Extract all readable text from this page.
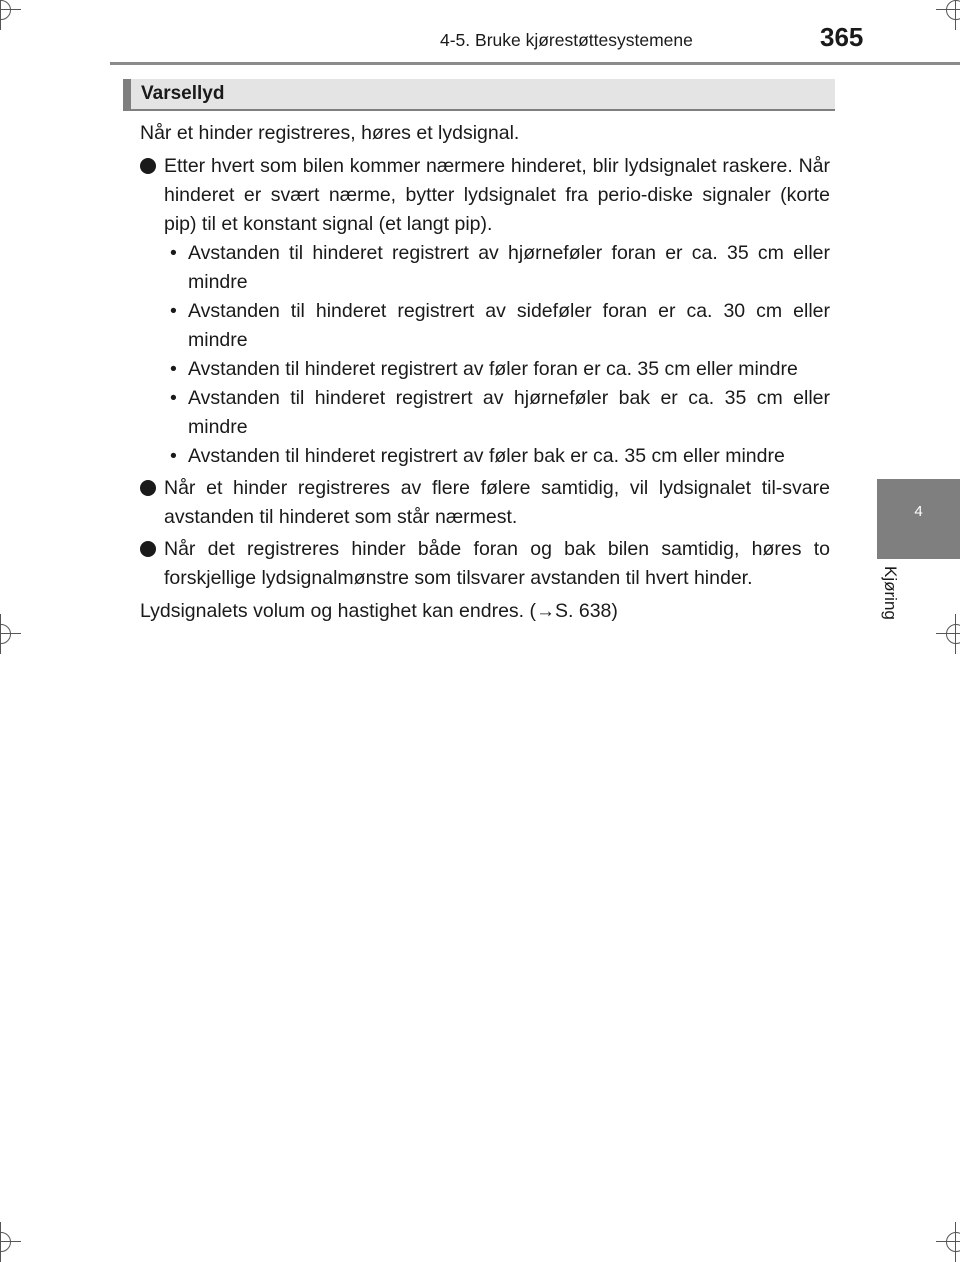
4-5. Bruke kjørestøttesystemene	365
4
Kjøring
Varsellyd

Når et hinder registreres, høres et lydsignal.

Etter hvert som bilen kommer nærmere hinderet, blir lydsignalet raskere. Når hinderet er svært nærme, bytter lydsignalet fra perio-diske signaler (korte pip) til et konstant signal (et langt pip).
• Avstanden til hinderet registrert av hjørneføler foran er ca. 35 cm eller mindre
• Avstanden til hinderet registrert av sideføler foran er ca. 30 cm eller mindre
• Avstanden til hinderet registrert av føler foran er ca. 35 cm eller mindre
• Avstanden til hinderet registrert av hjørneføler bak er ca. 35 cm eller mindre
• Avstanden til hinderet registrert av føler bak er ca. 35 cm eller mindre
Når et hinder registreres av flere følere samtidig, vil lydsignalet til-svare avstanden til hinderet som står nærmest.
Når det registreres hinder både foran og bak bilen samtidig, høres to forskjellige lydsignalmønstre som tilsvarer avstanden til hvert hinder.

Lydsignalets volum og hastighet kan endres. (→S. 638)
